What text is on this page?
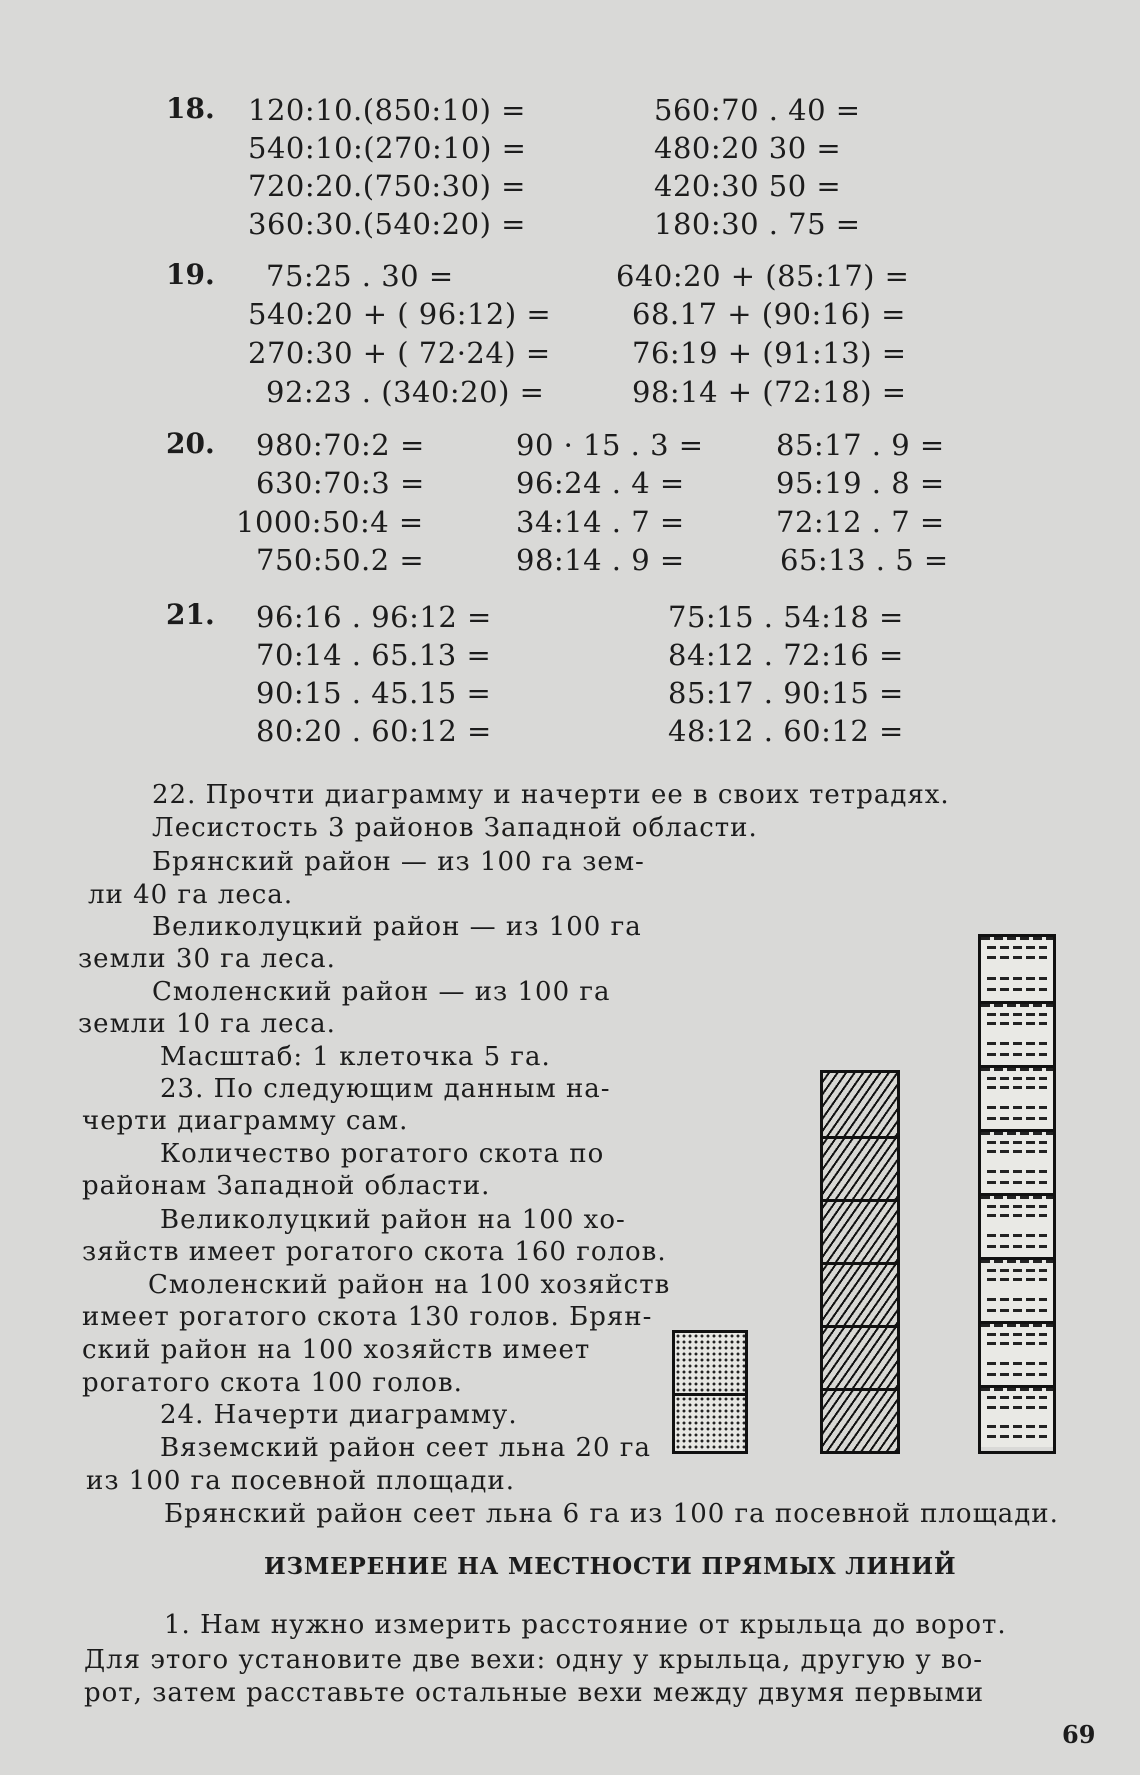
18. 120:10.(850:10) =
540:10:(270:10) =
720:20.(750:30) =
360:30.(540:20) =
560:70 . 40 =
480:20 30 =
420:30 50 =
180:30 . 75 =
19. 75:25 . 30 =
540:20 + ( 96:12) =
270:30 + ( 72·24) =
92:23 . (340:20) =
640:20 + (85:17) =
68.17 + (90:16) =
76:19 + (91:13) =
98:14 + (72:18) =
20. 980:70:2 =
630:70:3 =
1000:50:4 =
750:50.2 =
90 · 15 . 3 =
96:24 . 4 =
34:14 . 7 =
98:14 . 9 =
85:17 . 9 =
95:19 . 8 =
72:12 . 7 =
65:13 . 5 =
21. 96:16 . 96:12 =
70:14 . 65.13 =
90:15 . 45.15 =
80:20 . 60:12 =
75:15 . 54:18 =
84:12 . 72:16 =
85:17 . 90:15 =
48:12 . 60:12 =
22. Прочти диаграмму и начерти ее в своих тетрадях.
Лесистость 3 районов Западной области.
Брянский район — из 100 га зем-
ли 40 га леса.
Великолуцкий район — из 100 га
земли 30 га леса.
Смоленский район — из 100 га
земли 10 га леса.
Масштаб: 1 клеточка 5 га.
23. По следующим данным на-
черти диаграмму сам.
Количество рогатого скота по
районам Западной области.
Великолуцкий район на 100 хо-
зяйств имеет рогатого скота 160 голов.
Смоленский район на 100 хозяйств
имеет рогатого скота 130 голов. Брян-
ский район на 100 хозяйств имеет
рогатого скота 100 голов.
24. Начерти диаграмму.
Вяземский район сеет льна 20 га
из 100 га посевной площади.
Брянский район сеет льна 6 га из 100 га посевной площади.
ИЗМЕРЕНИЕ НА МЕСТНОСТИ ПРЯМЫХ ЛИНИЙ
1. Нам нужно измерить расстояние от крыльца до ворот.
Для этого установите две вехи: одну у крыльца, другую у во-
рот, затем расставьте остальные вехи между двумя первыми
69
